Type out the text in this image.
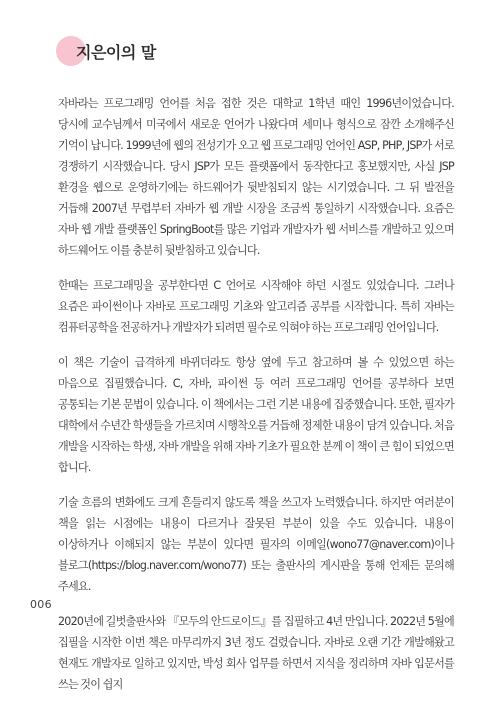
지은이의 말

자바라는 프로그래밍 언어를 처음 접한 것은 대학교 1학년 때인 1996년이었습니다. 당시에 교수님께서 미국에서 새로운 언어가 나왔다며 세미나 형식으로 잠깐 소개해주신 기억이 납니다. 1999년에 웹의 전성기가 오고 웹 프로그래밍 언어인 ASP, PHP, JSP가 서로 경쟁하기 시작했습니다. 당시 JSP가 모든 플랫폼에서 동작한다고 홍보했지만, 사실 JSP 환경을 웹으로 운영하기에는 하드웨어가 뒷받침되지 않는 시기였습니다. 그 뒤 발전을 거듭해 2007년 무렵부터 자바가 웹 개발 시장을 조금씩 통일하기 시작했습니다. 요즘은 자바 웹 개발 플랫폼인 SpringBoot를 많은 기업과 개발자가 웹 서비스를 개발하고 있으며 하드웨어도 이를 충분히 뒷받침하고 있습니다.

한때는 프로그래밍을 공부한다면 C 언어로 시작해야 하던 시절도 있었습니다. 그러나 요즘은 파이썬이나 자바로 프로그래밍 기초와 알고리즘 공부를 시작합니다. 특히 자바는 컴퓨터공학을 전공하거나 개발자가 되려면 필수로 익혀야 하는 프로그래밍 언어입니다.

이 책은 기술이 급격하게 바뀌더라도 항상 옆에 두고 참고하며 볼 수 있었으면 하는 마음으로 집필했습니다. C, 자바, 파이썬 등 여러 프로그래밍 언어를 공부하다 보면 공통되는 기본 문법이 있습니다. 이 책에서는 그런 기본 내용에 집중했습니다. 또한, 필자가 대학에서 수년간 학생들을 가르치며 시행착오를 거듭해 정제한 내용이 담겨 있습니다. 처음 개발을 시작하는 학생, 자바 개발을 위해 자바 기초가 필요한 분께 이 책이 큰 힘이 되었으면 합니다.

기술 흐름의 변화에도 크게 흔들리지 않도록 책을 쓰고자 노력했습니다. 하지만 여러분이 책을 읽는 시점에는 내용이 다르거나 잘못된 부분이 있을 수도 있습니다. 내용이 이상하거나 이해되지 않는 부분이 있다면 필자의 이메일(wono77@naver.com)이나 블로그(https://blog.naver.com/wono77) 또는 출판사의 게시판을 통해 언제든 문의해 주세요.

2020년에 길벗출판사와 『모두의 안드로이드』를 집필하고 4년 만입니다. 2022년 5월에 집필을 시작한 이번 책은 마무리까지 3년 정도 걸렸습니다. 자바로 오랜 기간 개발해왔고 현재도 개발자로 일하고 있지만, 박성 회사 업무를 하면서 지식을 정리하며 자바 입문서를 쓰는 것이 쉽지

006
